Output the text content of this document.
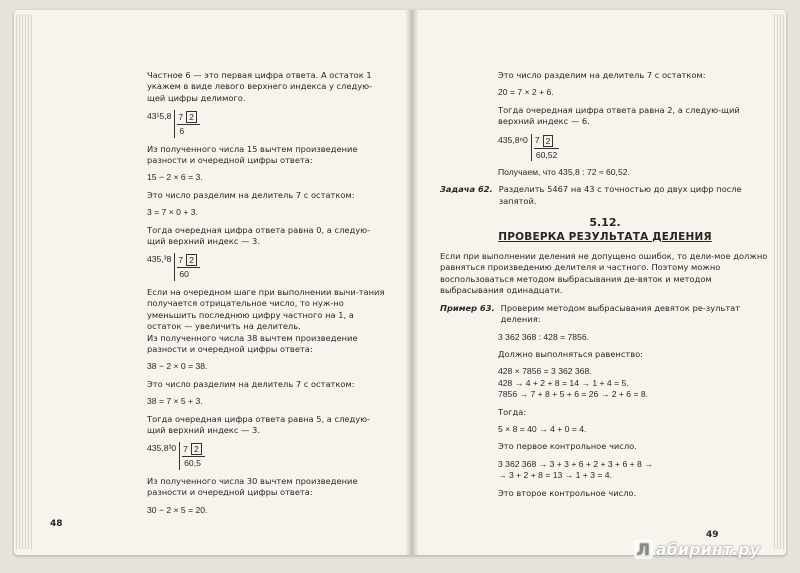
Частное 6 — это первая цифра ответа. А остаток 1 укажем в виде левого верхнего индекса у следую-щей цифры делимого.

43¹5,8 7 2
6

Из полученного числа 15 вычтем произведение разности и очередной цифры ответа:

15 − 2 × 6 = 3.

Это число разделим на делитель 7 с остатком:

3 = 7 × 0 + 3.

Тогда очередная цифра ответа равна 0, а следую-щий верхний индекс — 3.

435,³8 7 2
60

Если на очередном шаге при выполнении вычи-тания получается отрицательное число, то нуж-но уменьшить последнюю цифру частного на 1, а остаток — увеличить на делитель.

Из полученного числа 38 вычтем произведение разности и очередной цифры ответа:

38 − 2 × 0 = 38.

Это число разделим на делитель 7 с остатком:

38 = 7 × 5 + 3.

Тогда очередная цифра ответа равна 5, а следую-щий верхний индекс — 3.

435,8³0 7 2
60,5

Из полученного числа 30 вычтем произведение разности и очередной цифры ответа:

30 − 2 × 5 = 20.

48

Это число разделим на делитель 7 с остатком:

20 = 7 × 2 + 6.

Тогда очередная цифра ответа равна 2, а следую-щий верхний индекс — 6.

435,8⁶0 7 2
60,52

Получаем, что 435,8 : 72 ≈ 60,52.

Задача 62. Разделить 5467 на 43 с точностью до двух цифр после запятой.

5.12.

ПРОВЕРКА РЕЗУЛЬТАТА ДЕЛЕНИЯ

Если при выполнении деления не допущено ошибок, то дели-мое должно равняться произведению делителя и частного. Поэтому можно воспользоваться методом выбрасывания де-вяток и методом выбрасывания одинадцати.

Пример 63. Проверим методом выбрасывания девяток ре-зультат деления:

3 362 368 : 428 = 7856.

Должно выполняться равенство:

428 × 7856 = 3 362 368.

428 → 4 + 2 + 8 = 14 → 1 + 4 = 5.

7856 → 7 + 8 + 5 + 6 = 26 → 2 + 6 = 8.

Тогда:

5 × 8 = 40 → 4 + 0 = 4.

Это первое контрольное число.

3 362 368 → 3 + 3 + 6 + 2 + 3 + 6 + 8 →

→ 3 + 2 + 8 = 13 → 1 + 3 = 4.

Это второе контрольное число.

49
Л абиринт.ру
